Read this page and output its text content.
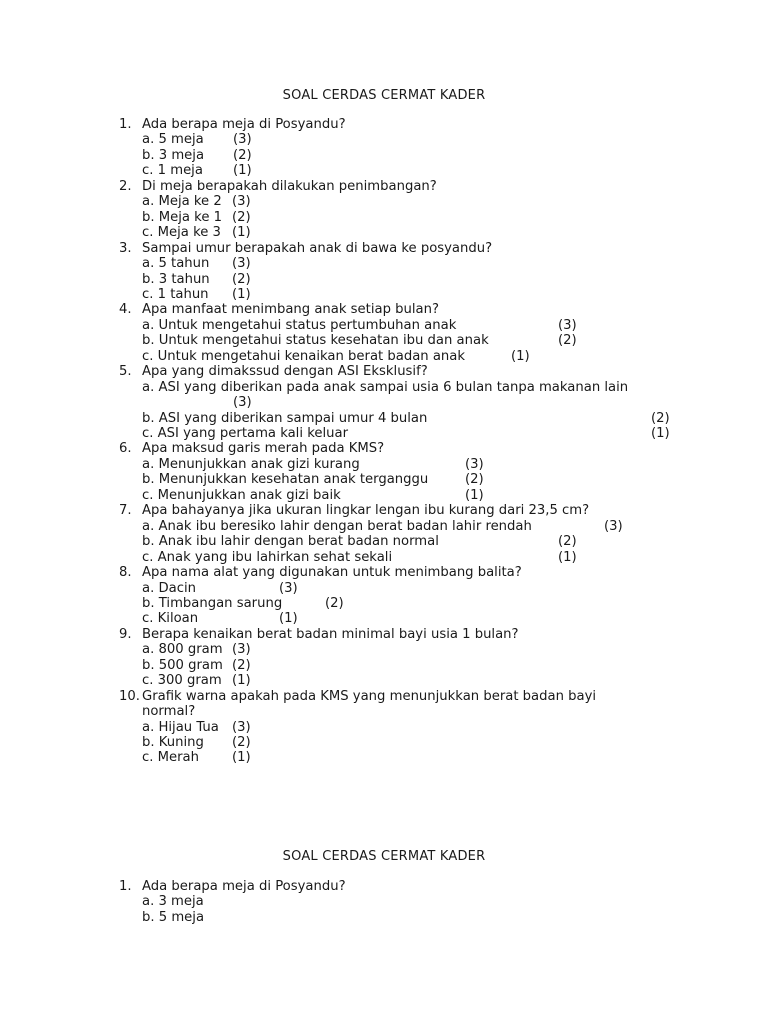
SOAL CERDAS CERMAT KADER
1. Ada berapa meja di Posyandu?
a. 5 meja (3)
b. 3 meja (2)
c. 1 meja (1)
2. Di meja berapakah dilakukan penimbangan?
a. Meja ke 2 (3)
b. Meja ke 1 (2)
c. Meja ke 3 (1)
3. Sampai umur berapakah anak di bawa ke posyandu?
a. 5 tahun (3)
b. 3 tahun (2)
c. 1 tahun (1)
4. Apa manfaat menimbang anak setiap bulan?
a. Untuk mengetahui status pertumbuhan anak	(3)
b. Untuk mengetahui status kesehatan ibu dan anak	(2)
c. Untuk mengetahui kenaikan berat badan anak	(1)
5. Apa yang dimakssud dengan ASI Eksklusif?
a. ASI yang diberikan pada anak sampai usia 6 bulan tanpa makanan lain
(3)
b. ASI yang diberikan sampai umur 4 bulan	(2)
c. ASI yang pertama kali keluar	(1)
6. Apa maksud garis merah pada KMS?
a. Menunjukkan anak gizi kurang	(3)
b. Menunjukkan kesehatan anak terganggu	(2)
c. Menunjukkan anak gizi baik	(1)
7. Apa bahayanya jika ukuran lingkar lengan ibu kurang dari 23,5 cm?
a. Anak ibu beresiko lahir dengan berat badan lahir rendah	(3)
b. Anak ibu lahir dengan berat badan normal	(2)
c. Anak yang ibu lahirkan sehat sekali	(1)
8. Apa nama alat yang digunakan untuk menimbang balita?
a. Dacin	(3)
b. Timbangan sarung	(2)
c. Kiloan	(1)
9. Berapa kenaikan berat badan minimal bayi usia 1 bulan?
a. 800 gram (3)
b. 500 gram (2)
c. 300 gram (1)
10. Grafik warna apakah pada KMS yang menunjukkan berat badan bayi
normal?
a. Hijau Tua (3)
b. Kuning (2)
c. Merah	(1)
SOAL CERDAS CERMAT KADER
1. Ada berapa meja di Posyandu?
a. 3 meja
b. 5 meja
